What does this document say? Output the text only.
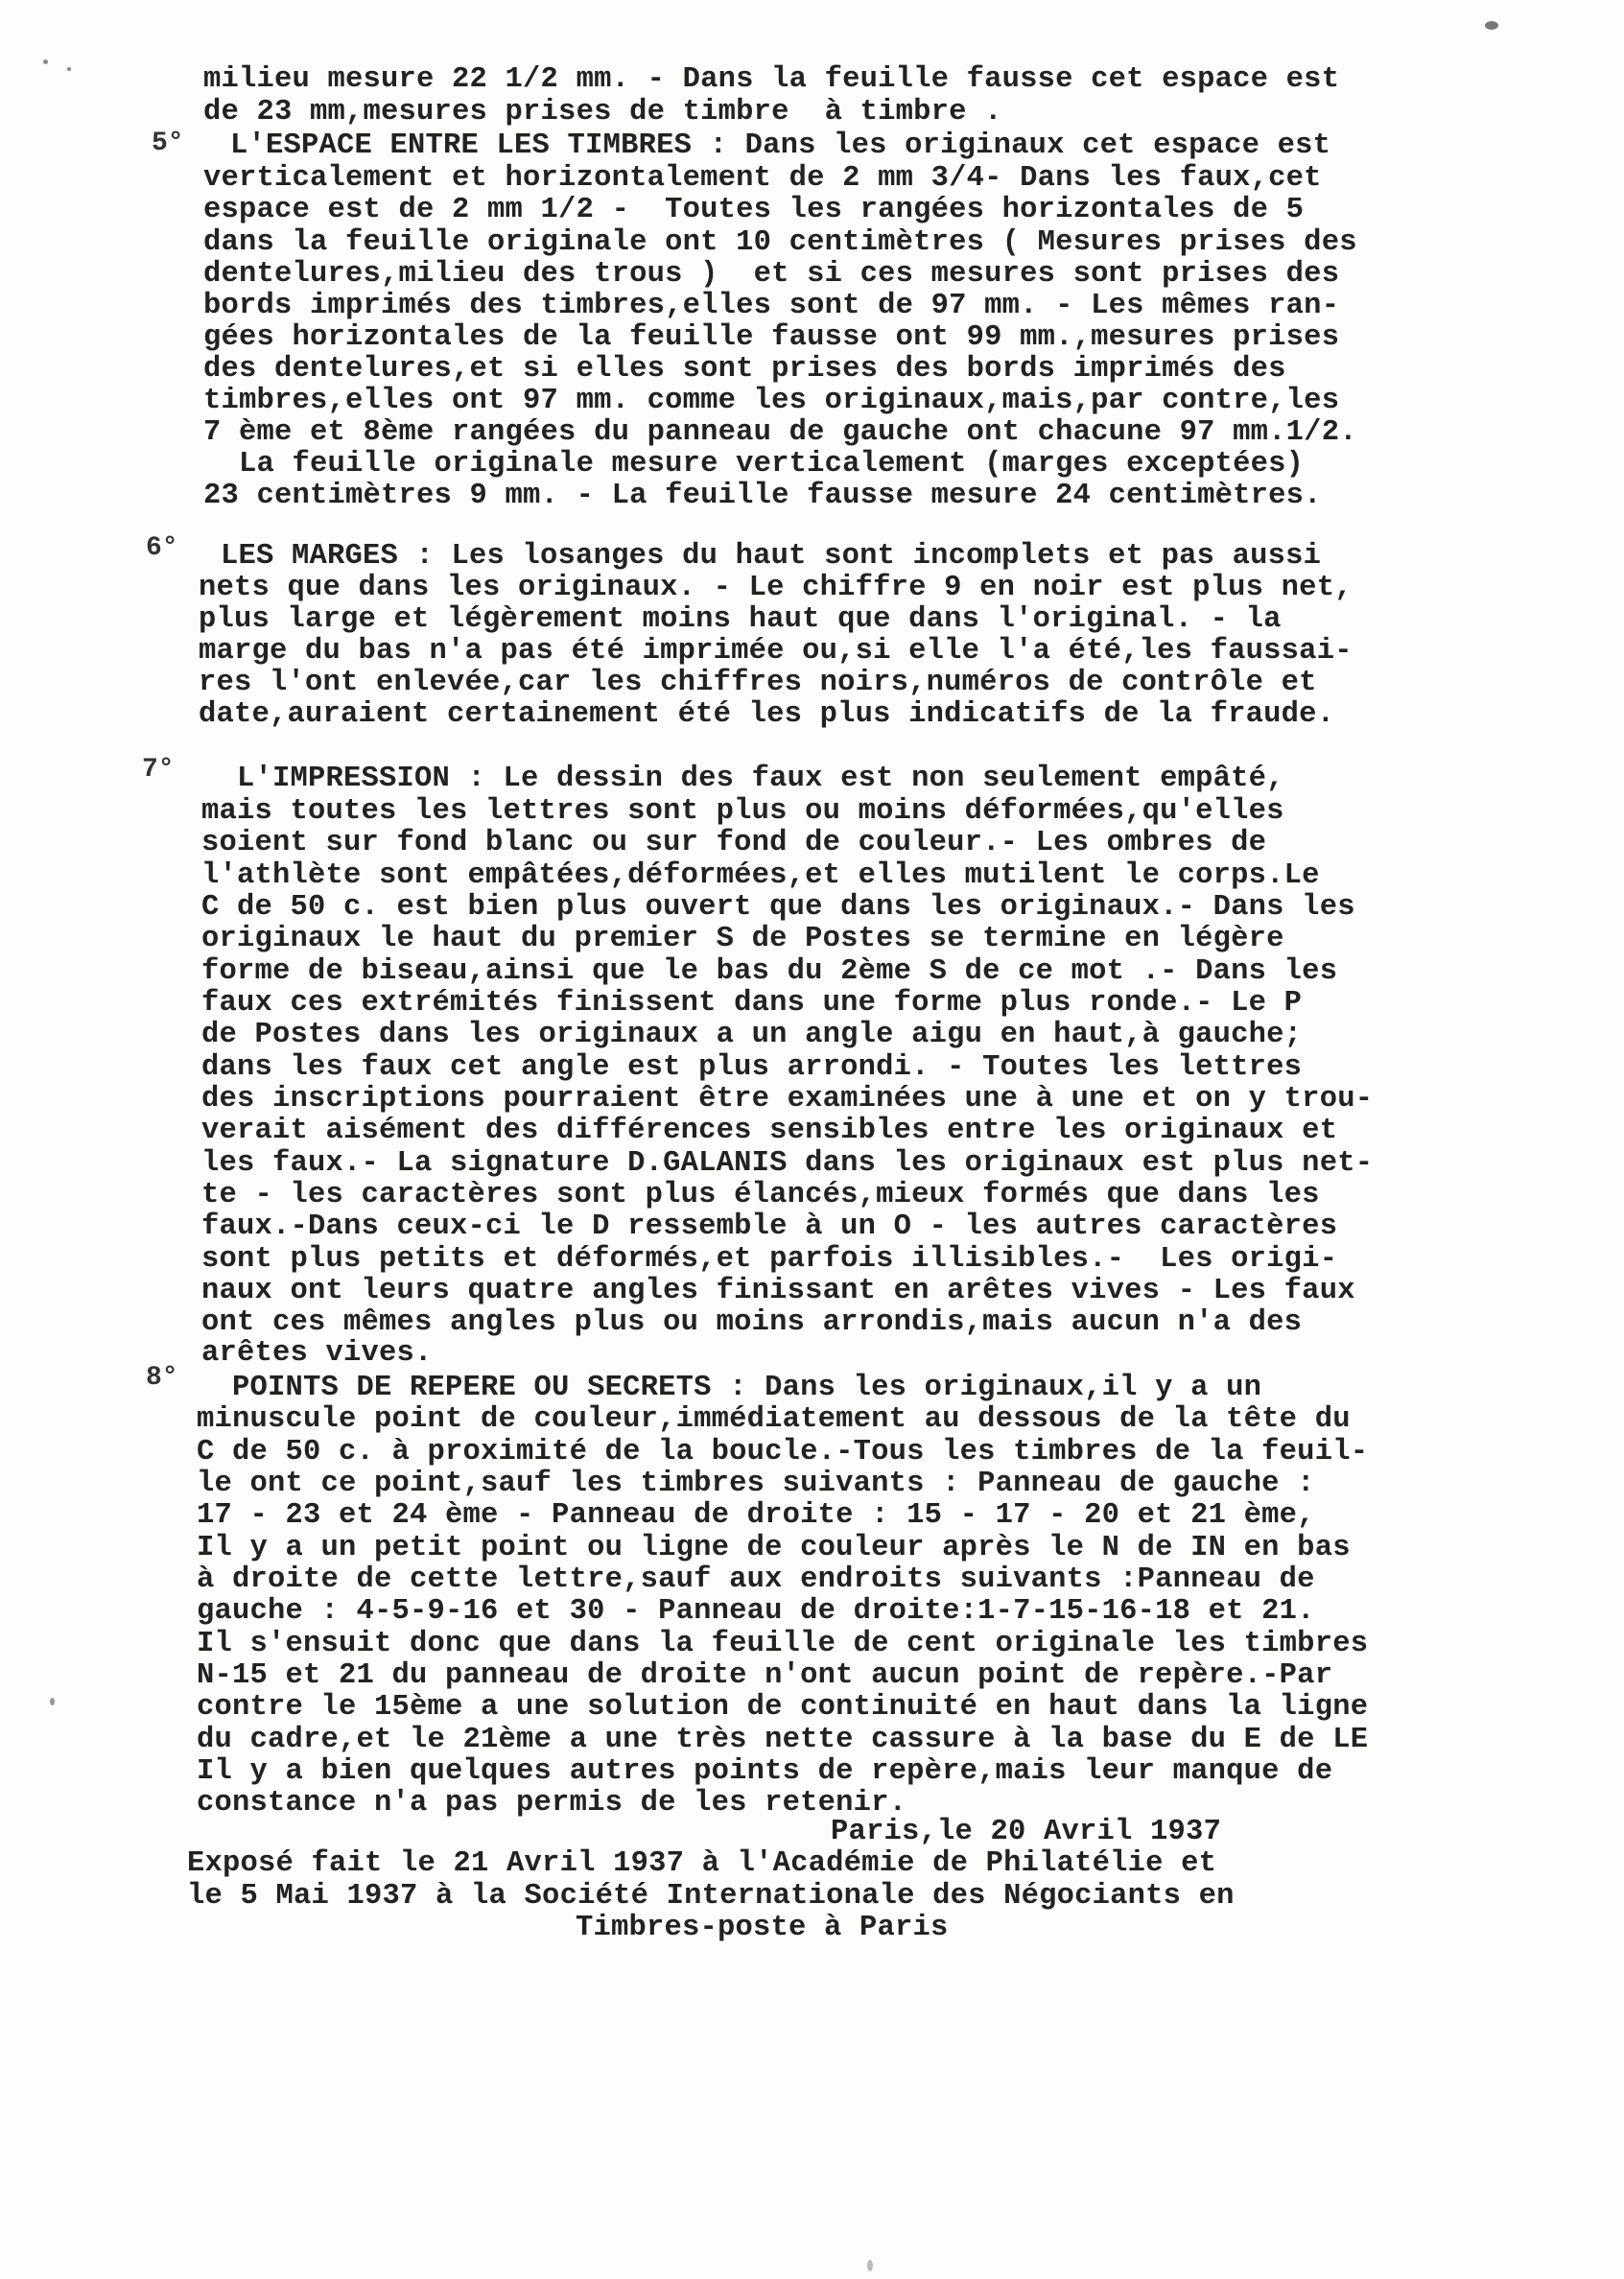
milieu mesure 22 1/2 mm. - Dans la feuille fausse cet espace est
de 23 mm,mesures prises de timbre  à timbre .
5° L'ESPACE ENTRE LES TIMBRES : Dans les originaux cet espace est
verticalement et horizontalement de 2 mm 3/4- Dans les faux,cet
espace est de 2 mm 1/2 -  Toutes les rangées horizontales de 5
dans la feuille originale ont 10 centimètres ( Mesures prises des
dentelures,milieu des trous )  et si ces mesures sont prises des
bords imprimés des timbres,elles sont de 97 mm. - Les mêmes ran-
gées horizontales de la feuille fausse ont 99 mm.,mesures prises
des dentelures,et si elles sont prises des bords imprimés des
timbres,elles ont 97 mm. comme les originaux,mais,par contre,les
7 ème et 8ème rangées du panneau de gauche ont chacune 97 mm.1/2.
La feuille originale mesure verticalement (marges exceptées)
23 centimètres 9 mm. - La feuille fausse mesure 24 centimètres.
6° LES MARGES : Les losanges du haut sont incomplets et pas aussi
nets que dans les originaux. - Le chiffre 9 en noir est plus net,
plus large et légèrement moins haut que dans l'original. - la
marge du bas n'a pas été imprimée ou,si elle l'a été,les faussai-
res l'ont enlevée,car les chiffres noirs,numéros de contrôle et
date,auraient certainement été les plus indicatifs de la fraude.
7° L'IMPRESSION : Le dessin des faux est non seulement empâté,
mais toutes les lettres sont plus ou moins déformées,qu'elles
soient sur fond blanc ou sur fond de couleur.- Les ombres de
l'athlète sont empâtées,déformées,et elles mutilent le corps.Le
C de 50 c. est bien plus ouvert que dans les originaux.- Dans les
originaux le haut du premier S de Postes se termine en légère
forme de biseau,ainsi que le bas du 2ème S de ce mot .- Dans les
faux ces extrémités finissent dans une forme plus ronde.- Le P
de Postes dans les originaux a un angle aigu en haut,à gauche;
dans les faux cet angle est plus arrondi. - Toutes les lettres
des inscriptions pourraient être examinées une à une et on y trou-
verait aisément des différences sensibles entre les originaux et
les faux.- La signature D.GALANIS dans les originaux est plus net-
te - les caractères sont plus élancés,mieux formés que dans les
faux.-Dans ceux-ci le D ressemble à un O - les autres caractères
sont plus petits et déformés,et parfois illisibles.-  Les origi-
naux ont leurs quatre angles finissant en arêtes vives - Les faux
ont ces mêmes angles plus ou moins arrondis,mais aucun n'a des
arêtes vives.
8° POINTS DE REPERE OU SECRETS : Dans les originaux,il y a un
minuscule point de couleur,immédiatement au dessous de la tête du
C de 50 c. à proximité de la boucle.-Tous les timbres de la feuil-
le ont ce point,sauf les timbres suivants : Panneau de gauche :
17 - 23 et 24 ème - Panneau de droite : 15 - 17 - 20 et 21 ème,
Il y a un petit point ou ligne de couleur après le N de IN en bas
à droite de cette lettre,sauf aux endroits suivants :Panneau de
gauche : 4-5-9-16 et 30 - Panneau de droite:1-7-15-16-18 et 21.
Il s'ensuit donc que dans la feuille de cent originale les timbres
N-15 et 21 du panneau de droite n'ont aucun point de repère.-Par
contre le 15ème a une solution de continuité en haut dans la ligne
du cadre,et le 21ème a une très nette cassure à la base du E de LE
Il y a bien quelques autres points de repère,mais leur manque de
constance n'a pas permis de les retenir.
Paris,le 20 Avril 1937
Exposé fait le 21 Avril 1937 à l'Académie de Philatélie et
le 5 Mai 1937 à la Société Internationale des Négociants en
Timbres-poste à Paris
